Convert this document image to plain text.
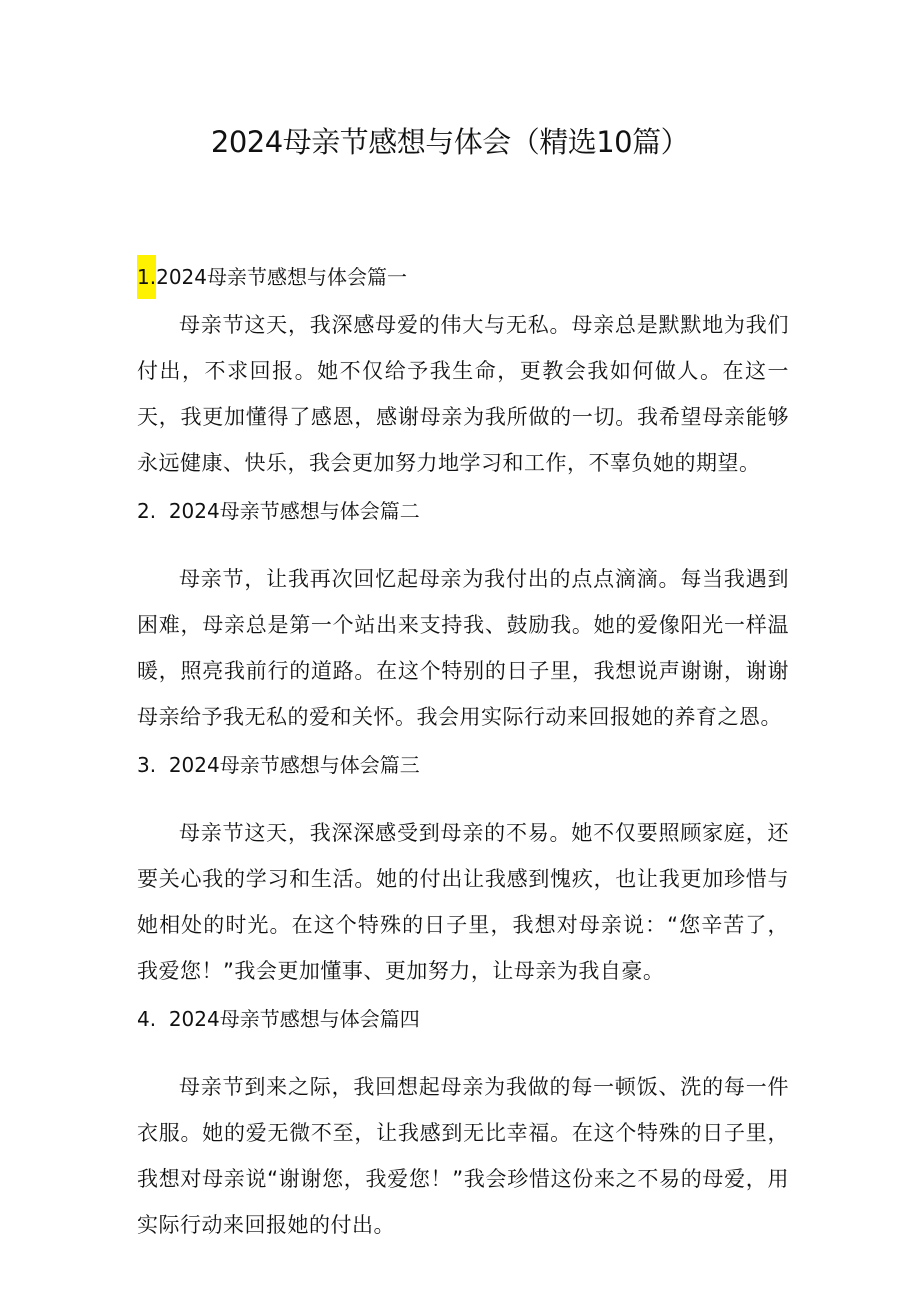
2024母亲节感想与体会（精选10篇）

1.2024母亲节感想与体会篇一

母亲节这天，我深感母爱的伟大与无私。母亲总是默默地为我们付出，不求回报。她不仅给予我生命，更教会我如何做人。在这一天，我更加懂得了感恩，感谢母亲为我所做的一切。我希望母亲能够永远健康、快乐，我会更加努力地学习和工作，不辜负她的期望。

2. 2024母亲节感想与体会篇二

母亲节，让我再次回忆起母亲为我付出的点点滴滴。每当我遇到困难，母亲总是第一个站出来支持我、鼓励我。她的爱像阳光一样温暖，照亮我前行的道路。在这个特别的日子里，我想说声谢谢，谢谢母亲给予我无私的爱和关怀。我会用实际行动来回报她的养育之恩。

3. 2024母亲节感想与体会篇三

母亲节这天，我深深感受到母亲的不易。她不仅要照顾家庭，还要关心我的学习和生活。她的付出让我感到愧疚，也让我更加珍惜与她相处的时光。在这个特殊的日子里，我想对母亲说：“您辛苦了，我爱您！”我会更加懂事、更加努力，让母亲为我自豪。

4. 2024母亲节感想与体会篇四

母亲节到来之际，我回想起母亲为我做的每一顿饭、洗的每一件衣服。她的爱无微不至，让我感到无比幸福。在这个特殊的日子里，我想对母亲说“谢谢您，我爱您！”我会珍惜这份来之不易的母爱，用实际行动来回报她的付出。
